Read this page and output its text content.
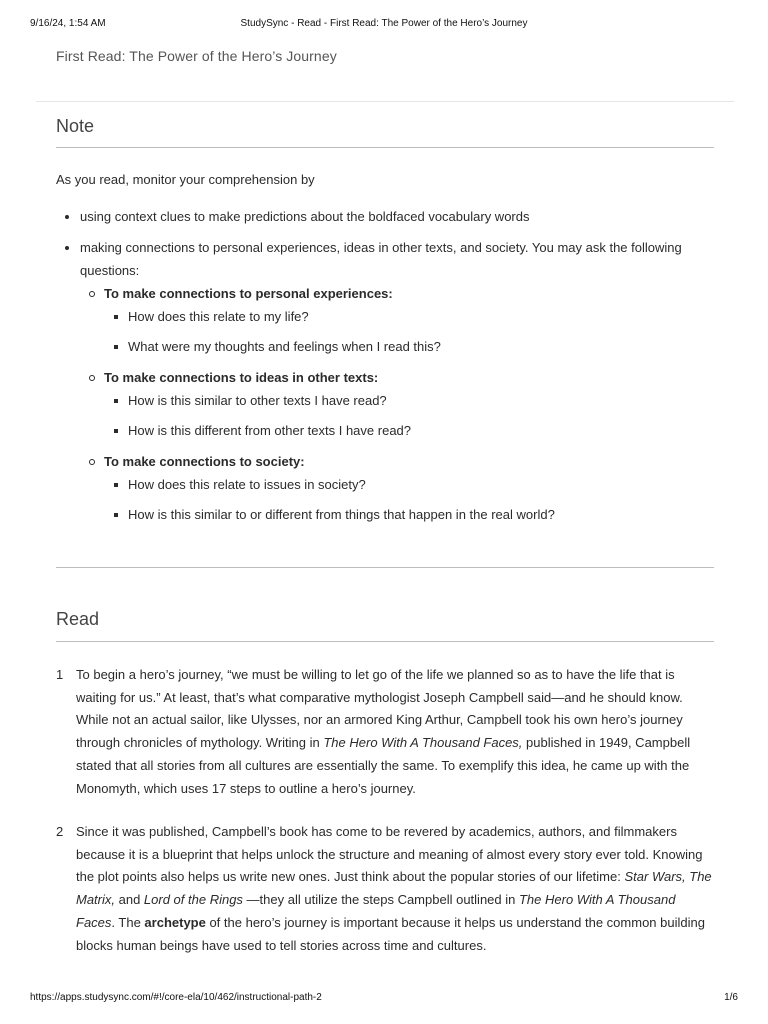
9/16/24, 1:54 AM	StudySync - Read - First Read: The Power of the Hero’s Journey
First Read: The Power of the Hero’s Journey
Note
As you read, monitor your comprehension by
using context clues to make predictions about the boldfaced vocabulary words
making connections to personal experiences, ideas in other texts, and society. You may ask the following questions:
To make connections to personal experiences:
How does this relate to my life?
What were my thoughts and feelings when I read this?
To make connections to ideas in other texts:
How is this similar to other texts I have read?
How is this different from other texts I have read?
To make connections to society:
How does this relate to issues in society?
How is this similar to or different from things that happen in the real world?
Read
1 To begin a hero’s journey, “we must be willing to let go of the life we planned so as to have the life that is waiting for us.” At least, that’s what comparative mythologist Joseph Campbell said—and he should know. While not an actual sailor, like Ulysses, nor an armored King Arthur, Campbell took his own hero’s journey through chronicles of mythology. Writing in The Hero With A Thousand Faces, published in 1949, Campbell stated that all stories from all cultures are essentially the same. To exemplify this idea, he came up with the Monomyth, which uses 17 steps to outline a hero’s journey.
2 Since it was published, Campbell’s book has come to be revered by academics, authors, and filmmakers because it is a blueprint that helps unlock the structure and meaning of almost every story ever told. Knowing the plot points also helps us write new ones. Just think about the popular stories of our lifetime: Star Wars, The Matrix, and Lord of the Rings —they all utilize the steps Campbell outlined in The Hero With A Thousand Faces. The archetype of the hero’s journey is important because it helps us understand the common building blocks human beings have used to tell stories across time and cultures.
https://apps.studysync.com/#!/core-ela/10/462/instructional-path-2	1/6
